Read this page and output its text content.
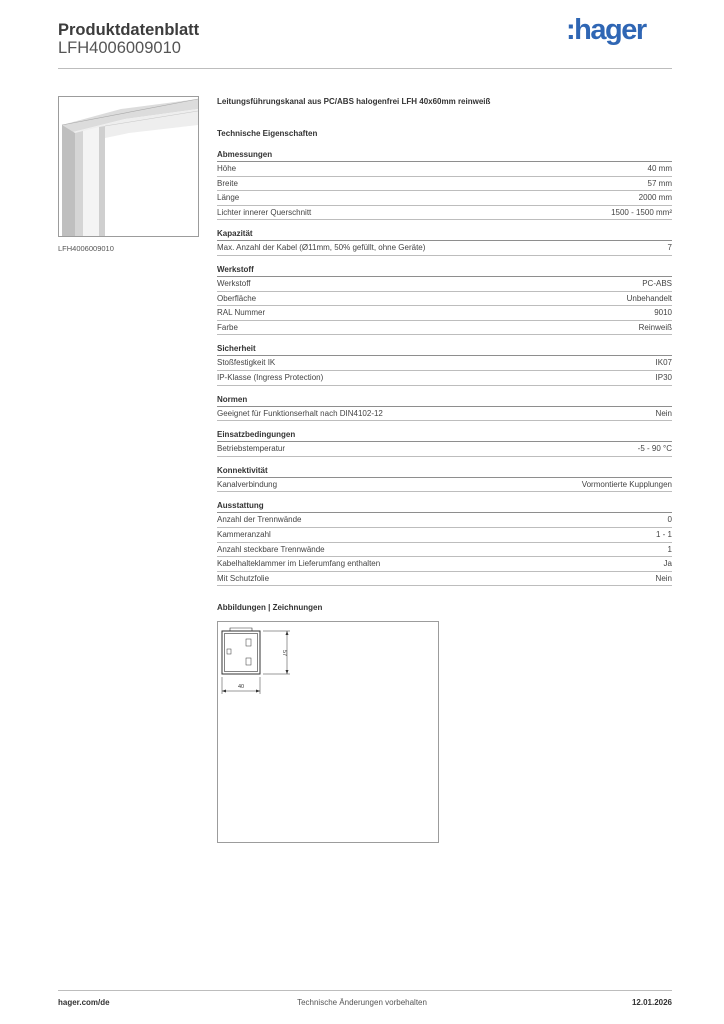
Produktdatenblatt
LFH4006009010
:hager
LFH4006009010
Leitungsführungskanal aus PC/ABS halogenfrei LFH 40x60mm reinweiß
Technische Eigenschaften
Abmessungen
Höhe	40 mm
Breite	57 mm
Länge	2000 mm
Lichter innerer Querschnitt	1500 - 1500 mm²
Kapazität
Max. Anzahl der Kabel (Ø11mm, 50% gefüllt, ohne Geräte)	7
Werkstoff
Werkstoff	PC-ABS
Oberfläche	Unbehandelt
RAL Nummer	9010
Farbe	Reinweiß
Sicherheit
Stoßfestigkeit IK	IK07
IP-Klasse (Ingress Protection)	IP30
Normen
Geeignet für Funktionserhalt nach DIN4102-12	Nein
Einsatzbedingungen
Betriebstemperatur	-5 - 90 °C
Konnektivität
Kanalverbindung	Vormontierte Kupplungen
Ausstattung
Anzahl der Trennwände	0
Kammeranzahl	1 - 1
Anzahl steckbare Trennwände	1
Kabelhalteklammer im Lieferumfang enthalten	Ja
Mit Schutzfolie	Nein
Abbildungen | Zeichnungen
40
57
hager.com/de	Technische Änderungen vorbehalten	12.01.2026
